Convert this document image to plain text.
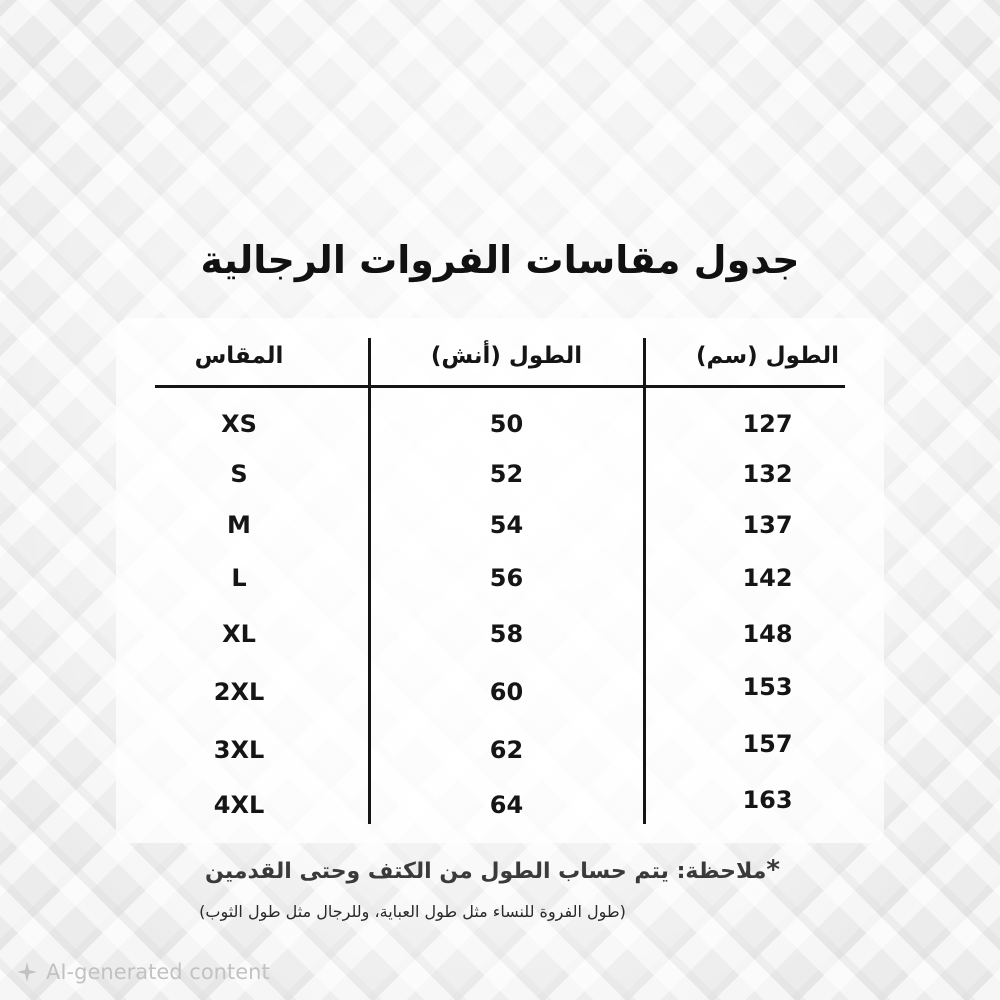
جدول مقاسات الفروات الرجالية
الطول (سم)
الطول (أنش)
المقاس
127
50
XS
132
52
S
137
54
M
142
56
L
148
58
XL
153
60
2XL
157
62
3XL
163
64
4XL
*ملاحظة: يتم حساب الطول من الكتف وحتى القدمين
(طول الفروة للنساء مثل طول العباية، وللرجال مثل طول الثوب)
AI-generated content
